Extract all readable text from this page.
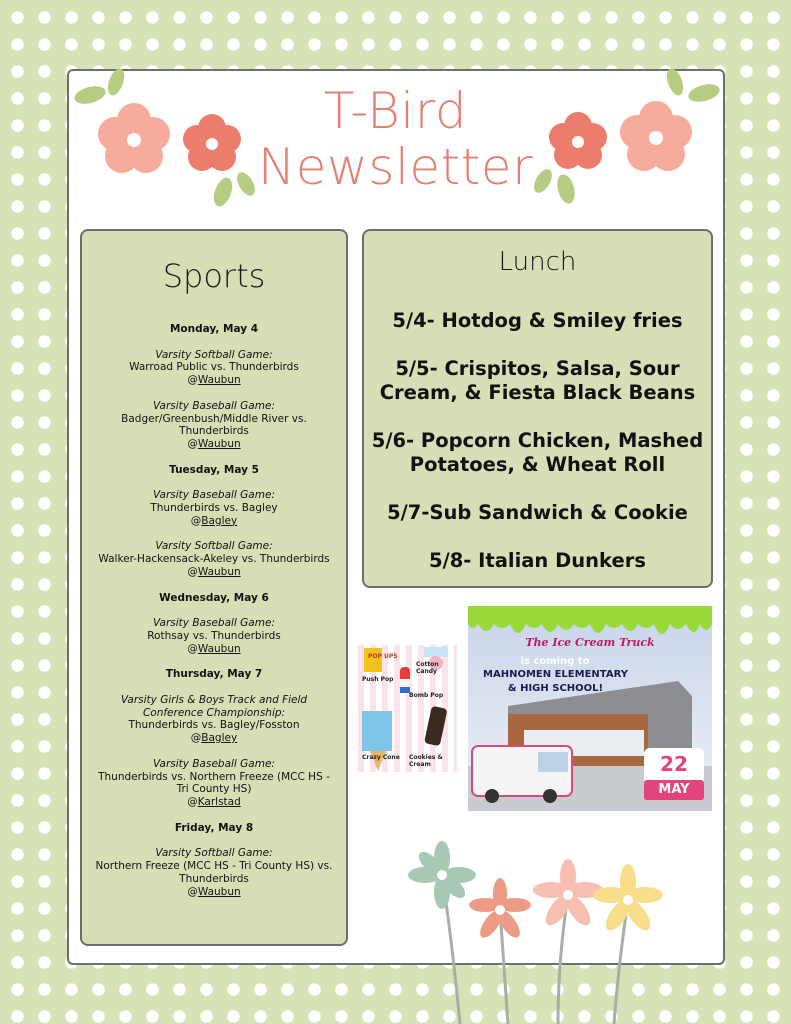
T-Bird
Newsletter
Sports
Monday, May 4
Varsity Softball Game:
Warroad Public vs. Thunderbirds
@Waubun
Varsity Baseball Game:
Badger/Greenbush/Middle River vs. Thunderbirds
@Waubun
Tuesday, May 5
Varsity Baseball Game:
Thunderbirds vs. Bagley
@Bagley
Varsity Softball Game:
Walker-Hackensack-Akeley vs. Thunderbirds
@Waubun
Wednesday, May 6
Varsity Baseball Game:
Rothsay vs. Thunderbirds
@Waubun
Thursday, May 7
Varsity Girls & Boys Track and Field Conference Championship:
Thunderbirds vs. Bagley/Fosston
@Bagley
Varsity Baseball Game:
Thunderbirds vs. Northern Freeze (MCC HS - Tri County HS)
@Karlstad
Friday, May 8
Varsity Softball Game:
Northern Freeze (MCC HS - Tri County HS) vs. Thunderbirds
@Waubun
Lunch
5/4- Hotdog & Smiley fries
5/5- Crispitos, Salsa, Sour Cream, & Fiesta Black Beans
5/6- Popcorn Chicken, Mashed Potatoes, & Wheat Roll
5/7-Sub Sandwich & Cookie
5/8- Italian Dunkers
POP UPS
Push Pop
Cotton Candy
Bomb Pop
Crazy Cone Cookies & Cream
The Ice Cream Truck
is coming to
MAHNOMEN ELEMENTARY
& HIGH SCHOOL!
22
MAY
